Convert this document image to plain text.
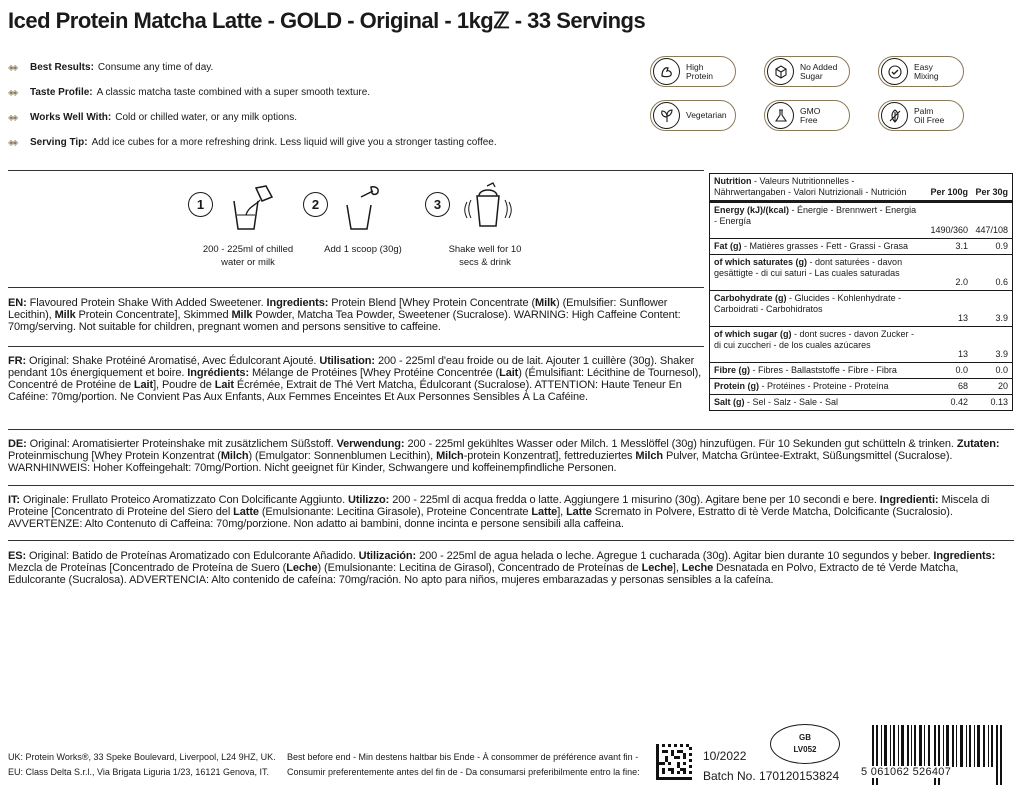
Iced Protein Matcha Latte - GOLD - Original - 1kgℤ - 33 Servings
◈◈	Best Results: Consume any time of day.
◈◈	Taste Profile: A classic matcha taste combined with a super smooth texture.
◈◈	Works Well With: Cold or chilled water, or any milk options.
◈◈	Serving Tip: Add ice cubes for a more refreshing drink. Less liquid will give you a stronger tasting coffee.
High
Protein
No Added
Sugar
Easy
Mixing
Vegetarian	GMO
Free
Palm
Oil Free
1
200 - 225ml of chilled
water or milk
2
Add 1 scoop (30g)

3
Shake well for 10
secs & drink
Nutrition - Valeurs Nutritionnelles - Nährwertangaben - Valori Nutrizionali - Nutrición	Per 100g Per 30g
Energy (kJ)/(kcal) - Énergie - Brennwert - Energia - Energía
1490/360 447/108
Fat (g) - Matières grasses - Fett - Grassi - Grasa	3.1	0.9
of which saturates (g) - dont saturées - davon gesättigte - di cui saturi - Las cuales saturadas
2.0	0.6
Carbohydrate (g) - Glucides - Kohlenhydrate - Carboidrati - Carbohidratos
13	3.9
of which sugar (g) - dont sucres - davon Zucker - di cui zuccheri - de los cuales azúcares
13	3.9
Fibre (g) - Fibres - Ballaststoffe - Fibre - Fibra	0.0	0.0
Protein (g) - Protéines - Proteine - Proteína	68	20
Salt (g) - Sel - Salz - Sale - Sal	0.42	0.13
EN: Flavoured Protein Shake With Added Sweetener. Ingredients: Protein Blend [Whey Protein Concentrate (Milk) (Emulsifier: Sunflower Lecithin), Milk Protein Concentrate], Skimmed Milk Powder, Matcha Tea Powder, Sweetener (Sucralose). WARNING: High Caffeine Content: 70mg/serving. Not suitable for children, pregnant women and persons sensitive to caffeine.
FR: Original: Shake Protéiné Aromatisé, Avec Édulcorant Ajouté. Utilisation: 200 - 225ml d'eau froide ou de lait. Ajouter 1 cuillère (30g). Shaker pendant 10s énergiquement et boire. Ingrédients: Mélange de Protéines [Whey Protéine Concentrée (Lait) (Émulsifiant: Lécithine de Tournesol), Concentré de Protéine de Lait], Poudre de Lait Écrémée, Extrait de Thé Vert Matcha, Édulcorant (Sucralose). ATTENTION: Haute Teneur En Caféine: 70mg/portion. Ne Convient Pas Aux Enfants, Aux Femmes Enceintes Et Aux Personnes Sensibles À La Caféine.
DE: Original: Aromatisierter Proteinshake mit zusätzlichem Süßstoff. Verwendung: 200 - 225ml gekühltes Wasser oder Milch. 1 Messlöffel (30g) hinzufügen. Für 10 Sekunden gut schütteln & trinken. Zutaten: Proteinmischung [Whey Protein Konzentrat (Milch) (Emulgator: Sonnenblumen Lecithin), Milch-protein Konzentrat], fettreduziertes Milch Pulver, Matcha Grüntee-Extrakt, Süßungsmittel (Sucralose). WARNHINWEIS: Hoher Koffeingehalt: 70mg/Portion. Nicht geeignet für Kinder, Schwangere und koffeinempfindliche Personen.
IT: Originale: Frullato Proteico Aromatizzato Con Dolcificante Aggiunto. Utilizzo: 200 - 225ml di acqua fredda o latte. Aggiungere 1 misurino (30g). Agitare bene per 10 secondi e bere. Ingredienti: Miscela di Proteine [Concentrato di Proteine del Siero del Latte (Emulsionante: Lecitina Girasole), Proteine Concentrate Latte], Latte Scremato in Polvere, Estratto di tè Verde Matcha, Dolcificante (Sucralosio). AVVERTENZE: Alto Contenuto di Caffeina: 70mg/porzione. Non adatto ai bambini, donne incinta e persone sensibili alla caffeina.
ES: Original: Batido de Proteínas Aromatizado con Edulcorante Añadido. Utilización: 200 - 225ml de agua helada o leche. Agregue 1 cucharada (30g). Agitar bien durante 10 segundos y beber. Ingredients: Mezcla de Proteínas [Concentrado de Proteína de Suero (Leche) (Emulsionante: Lecitina de Girasol), Concentrado de Proteínas de Leche], Leche Desnatada en Polvo, Extracto de té Verde Matcha, Edulcorante (Sucralosa). ADVERTENCIA: Alto contenido de cafeína: 70mg/ración. No apto para niños, mujeres embarazadas y personas sensibles a la cafeína.
UK: Protein Works®, 33 Speke Boulevard, Liverpool, L24 9HZ, UK.
EU: Class Delta S.r.l., Via Brigata Liguria 1/23, 16121 Genova, IT.
Best before end - Min destens haltbar bis Ende - À consommer de préférence avant fin -
Consumir preferentemente antes del fin de - Da consumarsi preferibilmente entro la fine:
10/2022
Batch No. 170120153824
GB
LV052
5 061062 526407
